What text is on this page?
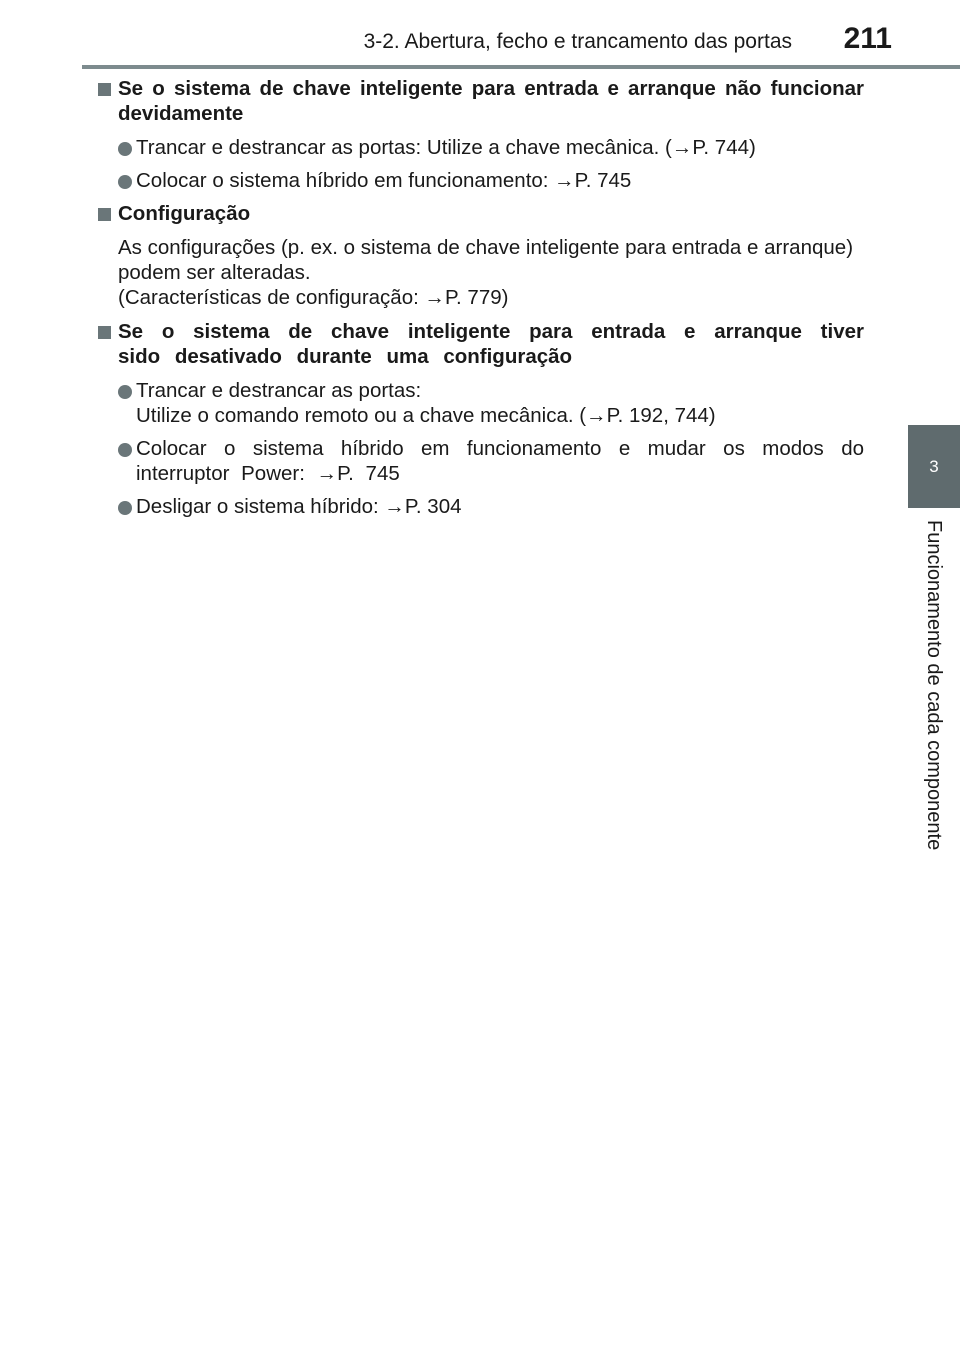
3-2. Abertura, fecho e trancamento das portas 211
3
Funcionamento de cada componente
Se o sistema de chave inteligente para entrada e arranque não funcionar devidamente
Trancar e destrancar as portas: Utilize a chave mecânica. (→P. 744)
Colocar o sistema híbrido em funcionamento: →P. 745
Configuração
As configurações (p. ex. o sistema de chave inteligente para entrada e arranque) podem ser alteradas.
(Características de configuração: →P. 779)
Se o sistema de chave inteligente para entrada e arranque tiver sido desativado durante uma configuração
Trancar e destrancar as portas:
Utilize o comando remoto ou a chave mecânica. (→P. 192, 744)
Colocar o sistema híbrido em funcionamento e mudar os modos do interruptor Power: →P. 745
Desligar o sistema híbrido: →P. 304
